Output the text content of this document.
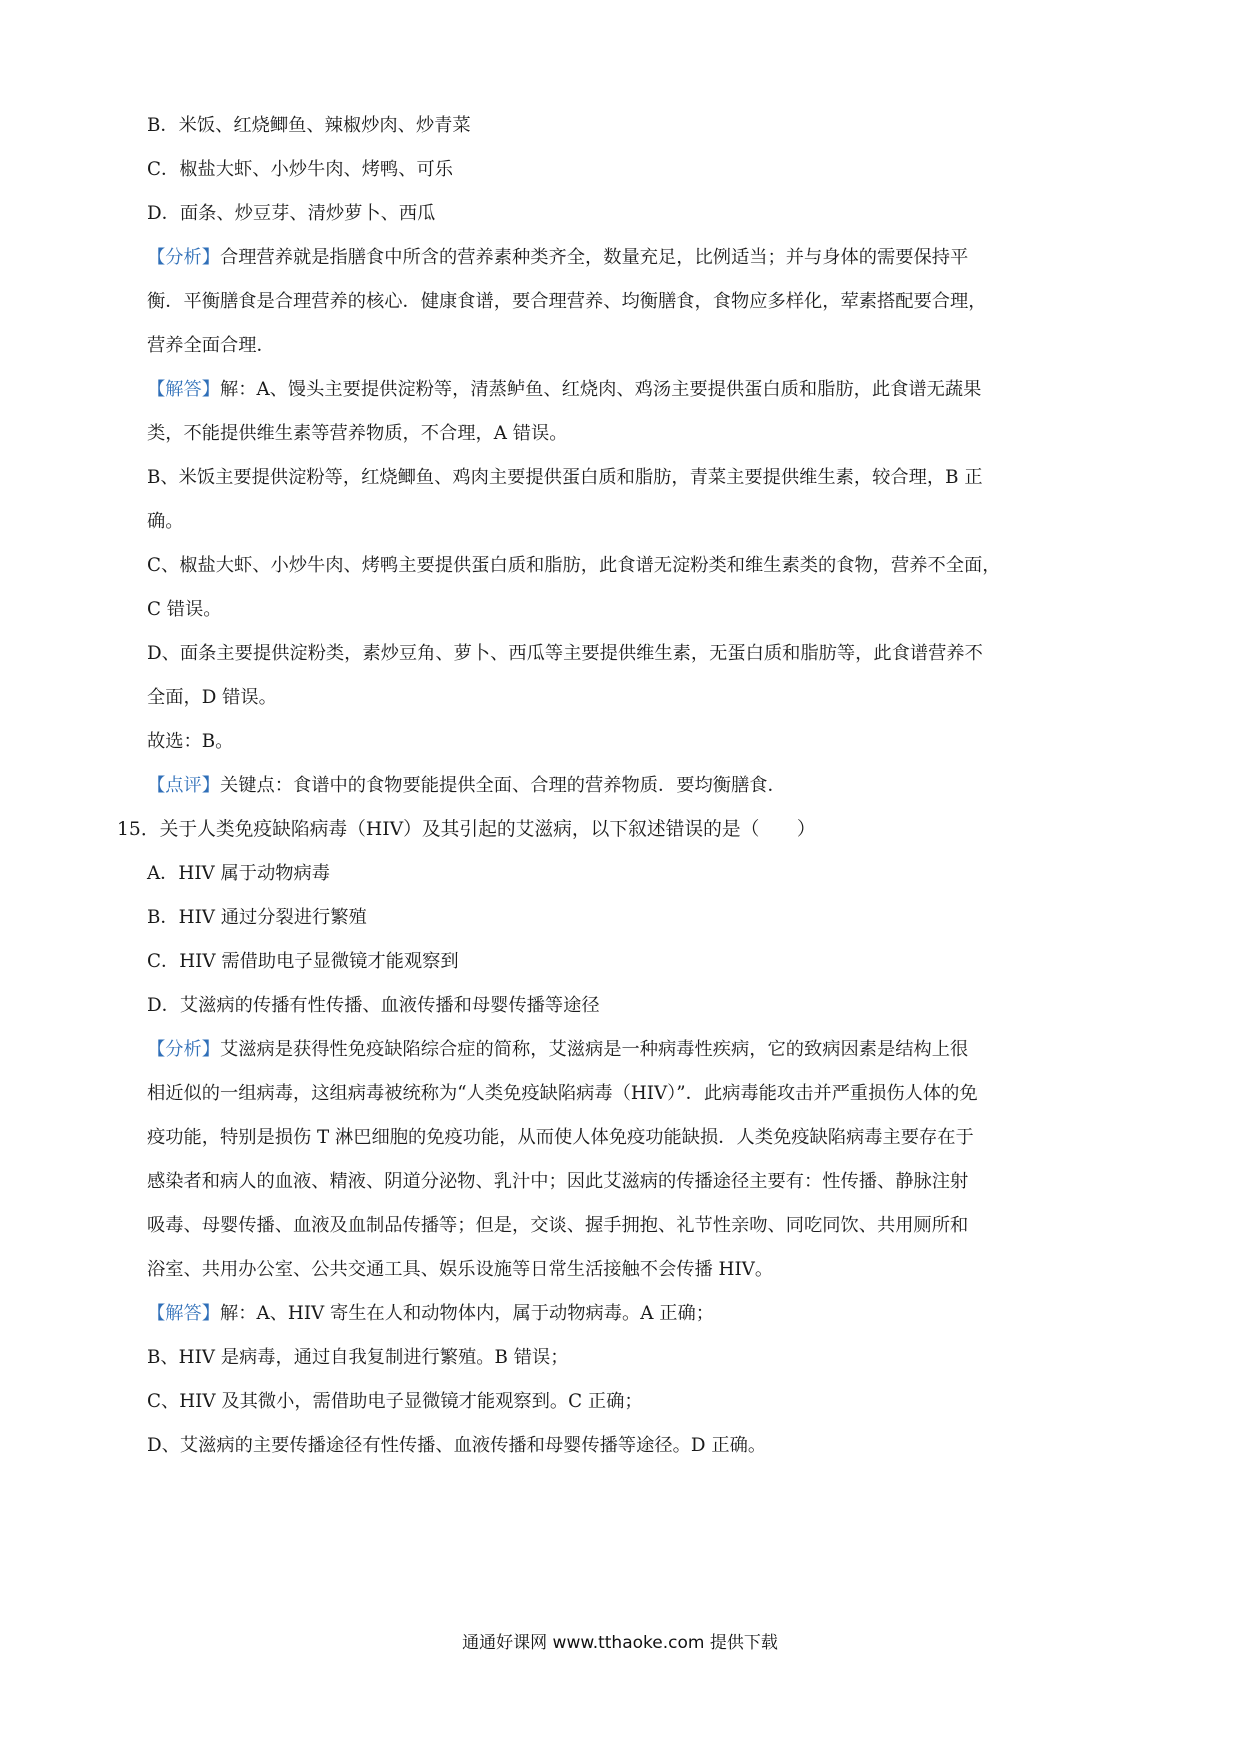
B．米饭、红烧鲫鱼、辣椒炒肉、炒青菜
C．椒盐大虾、小炒牛肉、烤鸭、可乐
D．面条、炒豆芽、清炒萝卜、西瓜
【分析】合理营养就是指膳食中所含的营养素种类齐全，数量充足，比例适当；并与身体的需要保持平
衡．平衡膳食是合理营养的核心．健康食谱，要合理营养、均衡膳食，食物应多样化，荤素搭配要合理，
营养全面合理．
【解答】解：A、馒头主要提供淀粉等，清蒸鲈鱼、红烧肉、鸡汤主要提供蛋白质和脂肪，此食谱无蔬果
类，不能提供维生素等营养物质，不合理，A 错误。
B、米饭主要提供淀粉等，红烧鲫鱼、鸡肉主要提供蛋白质和脂肪，青菜主要提供维生素，较合理，B 正
确。
C、椒盐大虾、小炒牛肉、烤鸭主要提供蛋白质和脂肪，此食谱无淀粉类和维生素类的食物，营养不全面，
C 错误。
D、面条主要提供淀粉类，素炒豆角、萝卜、西瓜等主要提供维生素，无蛋白质和脂肪等，此食谱营养不
全面，D 错误。
故选：B。
【点评】关键点：食谱中的食物要能提供全面、合理的营养物质．要均衡膳食．
15．关于人类免疫缺陷病毒（HIV）及其引起的艾滋病，以下叙述错误的是（　　）
A．HIV 属于动物病毒
B．HIV 通过分裂进行繁殖
C．HIV 需借助电子显微镜才能观察到
D．艾滋病的传播有性传播、血液传播和母婴传播等途径
【分析】艾滋病是获得性免疫缺陷综合症的简称，艾滋病是一种病毒性疾病，它的致病因素是结构上很
相近似的一组病毒，这组病毒被统称为“人类免疫缺陷病毒（HIV）”．此病毒能攻击并严重损伤人体的免
疫功能，特别是损伤 T 淋巴细胞的免疫功能，从而使人体免疫功能缺损．人类免疫缺陷病毒主要存在于
感染者和病人的血液、精液、阴道分泌物、乳汁中；因此艾滋病的传播途径主要有：性传播、静脉注射
吸毒、母婴传播、血液及血制品传播等；但是，交谈、握手拥抱、礼节性亲吻、同吃同饮、共用厕所和
浴室、共用办公室、公共交通工具、娱乐设施等日常生活接触不会传播 HIV。
【解答】解：A、HIV 寄生在人和动物体内，属于动物病毒。A 正确；
B、HIV 是病毒，通过自我复制进行繁殖。B 错误；
C、HIV 及其微小，需借助电子显微镜才能观察到。C 正确；
D、艾滋病的主要传播途径有性传播、血液传播和母婴传播等途径。D 正确。
通通好课网 www.tthaoke.com 提供下载
